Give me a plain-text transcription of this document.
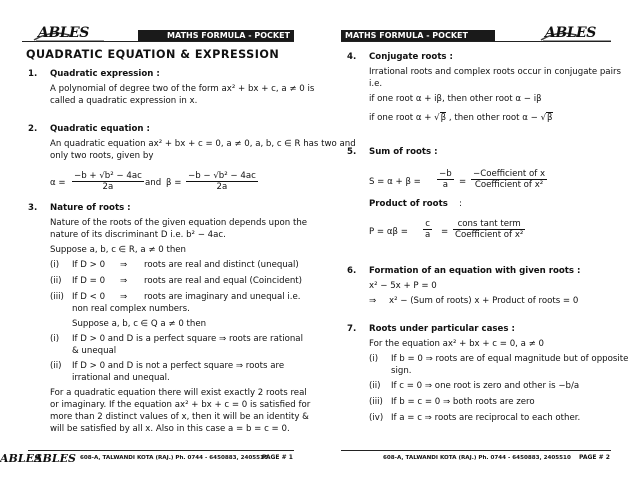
ABLES	MATHS FORMULA - POCKET BOOK
QUADRATIC EQUATION & EXPRESSION
1. Quadratic expression :
A polynomial of degree two of the form ax² + bx + c, a ≠ 0 is
called a quadratic expression in x.
2. Quadratic equation :
An quadratic equation ax² + bx + c = 0, a ≠ 0, a, b, c ∈ R has two and
only two roots, given by
$\alpha = \frac{\text{−b + √b² − 4ac}}{2a}$ and $\beta = \frac{\text{−b − √b² − 4ac}}{2a}$
3. Nature of roots :
Nature of the roots of the given equation depends upon the
nature of its discriminant D i.e. b² − 4ac.
Suppose a, b, c ∈ R, a ≠ 0 then
(i) If D > 0 ⇒ roots are real and distinct (unequal)
(ii) If D = 0 ⇒ roots are real and equal (Coincident)
(iii) If D < 0 ⇒ roots are imaginary and unequal i.e.
non real complex numbers.
Suppose a, b, c ∈ Q a ≠ 0 then
(i) If D > 0 and D is a perfect square ⇒ roots are rational
& unequal
(ii) If D > 0 and D is not a perfect square ⇒ roots are
irrational and unequal.
For a quadratic equation there will exist exactly 2 roots real
or imaginary. If the equation ax² + bx + c = 0 is satisfied for
more than 2 distinct values of x, then it will be an identity &
will be satisfied by all x. Also in this case a = b = c = 0.
ABLES 608-A, TALWANDI KOTA (RAJ.) Ph. 0744 - 6450883, 2405510
PAGE # 1
MATHS FORMULA - POCKET BOOK
ABLES
4. Conjugate roots :
Irrational roots and complex roots occur in conjugate pairs
i.e.
if one root α + iβ, then other root α − iβ
if one root α + √β , then other root α − √β
5. Sum of roots :
$S = \alpha + \beta = \frac{-b}{a} = \frac{\text{−Coefficient of x}}{\text{Coefficient of x²}}$
Product of roots :
$P = \alpha\beta = \frac{c}{a} = \frac{\text{cons tant term}}{\text{Coefficient of x²}}$
6. Formation of an equation with given roots :
x² − 5x + P = 0
⇒ x² − (Sum of roots) x + Product of roots = 0
7. Roots under particular cases :
For the equation ax² + bx + c = 0, a ≠ 0
(i) If b = 0 ⇒ roots are of equal magnitude but of opposite
sign.
(ii) If c = 0 ⇒ one root is zero and other is −b/a
(iii) If b = c = 0 ⇒ both roots are zero
(iv) If a = c ⇒ roots are reciprocal to each other.
608-A, TALWANDI KOTA (RAJ.) Ph. 0744 - 6450883, 2405510 PAGE # 2
ABLES
